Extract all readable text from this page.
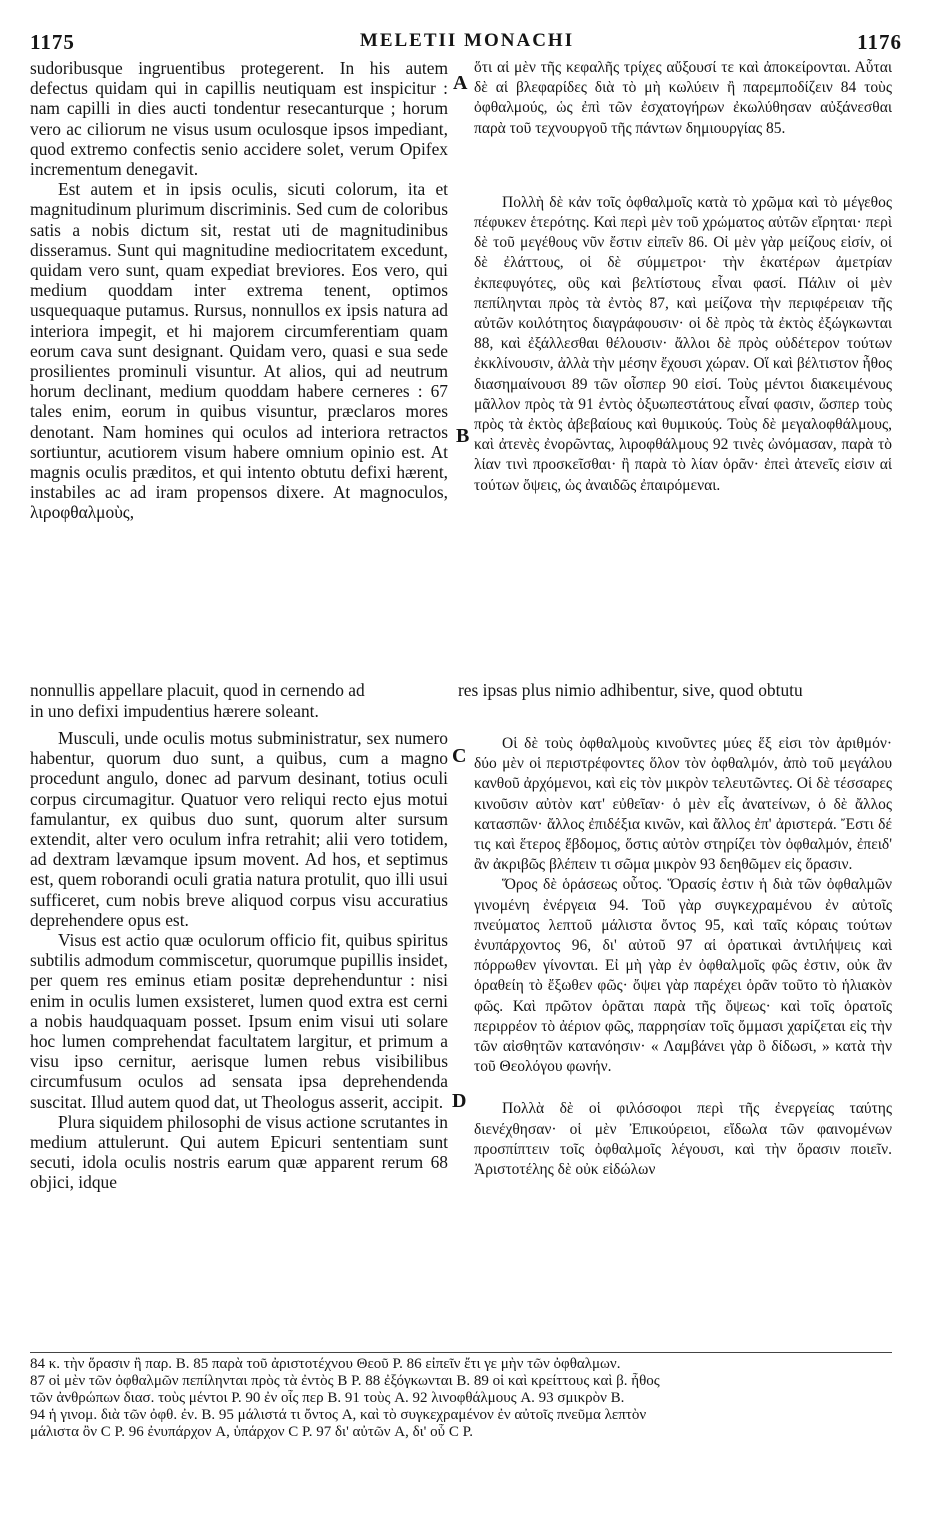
1175	MELETII MONACHI	1176
sudoribusque ingruentibus protegerent. In his autem defectus quidam qui in capillis neutiquam est inspicitur : nam capilli in dies aucti tondentur resecanturque ; horum vero ac ciliorum ne visus usum oculosque ipsos impediant, quod extremo confectis senio accidere solet, verum Opifex incrementum denegavit.
Est autem et in ipsis oculis, sicuti colorum, ita et magnitudinum plurimum discriminis. Sed cum de coloribus satis a nobis dictum sit, restat uti de magnitudinibus disseramus. Sunt qui magnitudine mediocritatem excedunt, quidam vero sunt, quam expediat breviores. Eos vero, qui medium quoddam inter extrema tenent, optimos usquequaque putamus. Rursus, nonnullos ex ipsis natura ad interiora impegit, et hi majorem circumferentiam quam eorum cava sunt designant. Quidam vero, quasi e sua sede prosilientes prominuli visuntur. At alios, qui ad neutrum horum declinant, medium quoddam habere cerneres : 67 tales enim, eorum in quibus visuntur, præclaros mores denotant. Nam homines qui oculos ad interiora retractos sortiuntur, acutiorem visum habere omnium opinio est. At magnis oculis præditos, et qui intento obtutu defixi hærent, instabiles ac ad iram propensos dixere. At magnoculos, λιροφθαλμοὺς,
ὅτι αἱ μὲν τῆς κεφαλῆς τρίχες αὔξουσί τε καὶ ἀποκείρονται. Αὗται δὲ αἱ βλεφαρίδες διὰ τὸ μὴ κωλύειν ἢ παρεμποδίζειν 84 τοὺς ὀφθαλμούς, ὡς ἐπὶ τῶν ἐσχατογήρων ἐκωλύθησαν αὐξάνεσθαι παρὰ τοῦ τεχνουργοῦ τῆς πάντων δημιουργίας 85.
Πολλὴ δὲ κἀν τοῖς ὀφθαλμοῖς κατὰ τὸ χρῶμα καὶ τὸ μέγεθος πέφυκεν ἑτερότης. Καὶ περὶ μὲν τοῦ χρώματος αὐτῶν εἴρηται· περὶ δὲ τοῦ μεγέθους νῦν ἔστιν εἰπεῖν 86. Οἱ μὲν γὰρ μείζους εἰσίν, οἱ δὲ ἐλάττους, οἱ δὲ σύμμετροι· τὴν ἑκατέρων ἀμετρίαν ἐκπεφυγότες, οὓς καὶ βελτίστους εἶναι φασί. Πάλιν οἱ μὲν πεπίληνται πρὸς τὰ ἐντὸς 87, καὶ μείζονα τὴν περιφέρειαν τῆς αὐτῶν κοιλότητος διαγράφουσιν· οἱ δὲ πρὸς τὰ ἐκτὸς ἐξώγκωνται 88, καὶ ἐξάλλεσθαι θέλουσιν· ἄλλοι δὲ πρὸς οὐδέτερον τούτων ἐκκλίνουσιν, ἀλλὰ τὴν μέσην ἔχουσι χώραν. Οἵ καὶ βέλτιστον ἦθος διασημαίνουσι 89 τῶν οἷσπερ 90 εἰσί. Τοὺς μέντοι διακειμένους μᾶλλον πρὸς τὰ 91 ἐντὸς ὀξυωπεστάτους εἶναί φασιν, ὥσπερ τοὺς πρὸς τὰ ἐκτὸς ἀβεβαίους καὶ θυμικούς. Τοὺς δὲ μεγαλοφθάλμους, καὶ ἀτενὲς ἐνορῶντας, λιροφθάλμους 92 τινὲς ὠνόμασαν, παρὰ τὸ λίαν τινὶ προσκεῖσθαι· ἢ παρὰ τὸ λίαν ὁρᾶν· ἐπεὶ ἀτενεῖς εἰσιν αἱ τούτων ὄψεις, ὡς ἀναιδῶς ἐπαιρόμεναι.
nonnullis appellare placuit, quod in cernendo ad	res ipsas plus nimio adhibentur, sive, quod obtutu
in uno defixi impudentius hærere soleant.
Musculi, unde oculis motus subministratur, sex numero habentur, quorum duo sunt, a quibus, cum a magno procedunt angulo, donec ad parvum desinant, totius oculi corpus circumagitur. Quatuor vero reliqui recto ejus motui famulantur, ex quibus duo sunt, quorum alter sursum extendit, alter vero oculum infra retrahit; alii vero totidem, ad dextram lævamque ipsum movent. Ad hos, et septimus est, quem roborandi oculi gratia natura protulit, quo illi usui sufficeret, cum nobis breve aliquod corpus visu accuratius deprehendere opus est.
Visus est actio quæ oculorum officio fit, quibus spiritus subtilis admodum commiscetur, quorumque pupillis insidet, per quem res eminus etiam positæ deprehenduntur : nisi enim in oculis lumen exsisteret, lumen quod extra est cerni a nobis haudquaquam posset. Ipsum enim visui uti solare hoc lumen comprehendat facultatem largitur, et primum a visu ipso cernitur, aerisque lumen rebus visibilibus circumfusum oculos ad sensata ipsa deprehendenda suscitat. Illud autem quod dat, ut Theologus asserit, accipit.
Plura siquidem philosophi de visus actione scrutantes in medium attulerunt. Qui autem Epicuri sententiam sunt secuti, idola oculis nostris earum quæ apparent rerum 68 objici, idque
Οἱ δὲ τοὺς ὀφθαλμοὺς κινοῦντες μύες ἕξ εἰσι τὸν ἀριθμόν· δύο μὲν οἱ περιστρέφοντες ὅλον τὸν ὀφθαλμόν, ἀπὸ τοῦ μεγάλου κανθοῦ ἀρχόμενοι, καὶ εἰς τὸν μικρὸν τελευτῶντες. Οἱ δὲ τέσσαρες κινοῦσιν αὐτὸν κατ' εὐθεῖαν· ὁ μὲν εἷς ἀνατείνων, ὁ δὲ ἄλλος κατασπῶν· ἄλλος ἐπιδέξια κινῶν, καὶ ἄλλος ἐπ' ἀριστερά. Ἔστι δέ τις καὶ ἕτερος ἕβδομος, ὅστις αὐτὸν στηρίζει τὸν ὀφθαλμόν, ἐπειδ' ἂν ἀκριβῶς βλέπειν τι σῶμα μικρὸν 93 δεηθῶμεν εἰς ὅρασιν.
Ὅρος δὲ ὁράσεως οὗτος. Ὅρασίς ἐστιν ἡ διὰ τῶν ὀφθαλμῶν γινομένη ἐνέργεια 94. Τοῦ γὰρ συγκεχραμένου ἐν αὐτοῖς πνεύματος λεπτοῦ μάλιστα ὄντος 95, καὶ ταῖς κόραις τούτων ἐνυπάρχοντος 96, δι' αὐτοῦ 97 αἱ ὁρατικαὶ ἀντιλήψεις καὶ πόρρωθεν γίνονται. Εἰ μὴ γὰρ ἐν ὀφθαλμοῖς φῶς ἐστιν, οὐκ ἂν ὁραθείη τὸ ἔξωθεν φῶς· ὄψει γὰρ παρέχει ὁρᾶν τοῦτο τὸ ἡλιακὸν φῶς. Καὶ πρῶτον ὁρᾶται παρὰ τῆς ὄψεως· καὶ τοῖς ὁρατοῖς περιρρέον τὸ ἀέριον φῶς, παρρησίαν τοῖς ὄμμασι χαρίζεται εἰς τὴν τῶν αἰσθητῶν κατανόησιν· « Λαμβάνει γὰρ ὃ δίδωσι, » κατὰ τὴν τοῦ Θεολόγου φωνήν.
Πολλὰ δὲ οἱ φιλόσοφοι περὶ τῆς ἐνεργείας ταύτης διενέχθησαν· οἱ μὲν Ἐπικούρειοι, εἴδωλα τῶν φαινομένων προσπίπτειν τοῖς ὀφθαλμοῖς λέγουσι, καὶ τὴν ὅρασιν ποιεῖν. Ἀριστοτέλης δὲ οὐκ εἰδώλων
A
B
C
D
84 κ. τὴν ὅρασιν ἢ παρ. B. 85 παρὰ τοῦ ἀριστοτέχνου Θεοῦ P. 86 εἰπεῖν ἔτι γε μὴν τῶν ὀφθαλμων.
87 οἱ μὲν τῶν ὀφθαλμῶν πεπίληνται πρὸς τὰ ἐντὸς B P. 88 ἐξόγκωνται B. 89 οἱ καὶ κρείττους καὶ β. ἦθος
τῶν ἀνθρώπων διασ. τοὺς μέντοι P. 90 ἐν οἷς περ B. 91 τοὺς A. 92 λινοφθάλμους A. 93 σμικρὸν B.
94 ἡ γινομ. διὰ τῶν ὀφθ. ἐν. B. 95 μάλιστά τι ὄντος A, καὶ τὸ συγκεχραμένον ἐν αὐτοῖς πνεῦμα λεπτὸν
μάλιστα ὂν C P. 96 ἐνυπάρχον A, ὑπάρχον C P. 97 δι' αὐτῶν A, δι' οὗ C P.
